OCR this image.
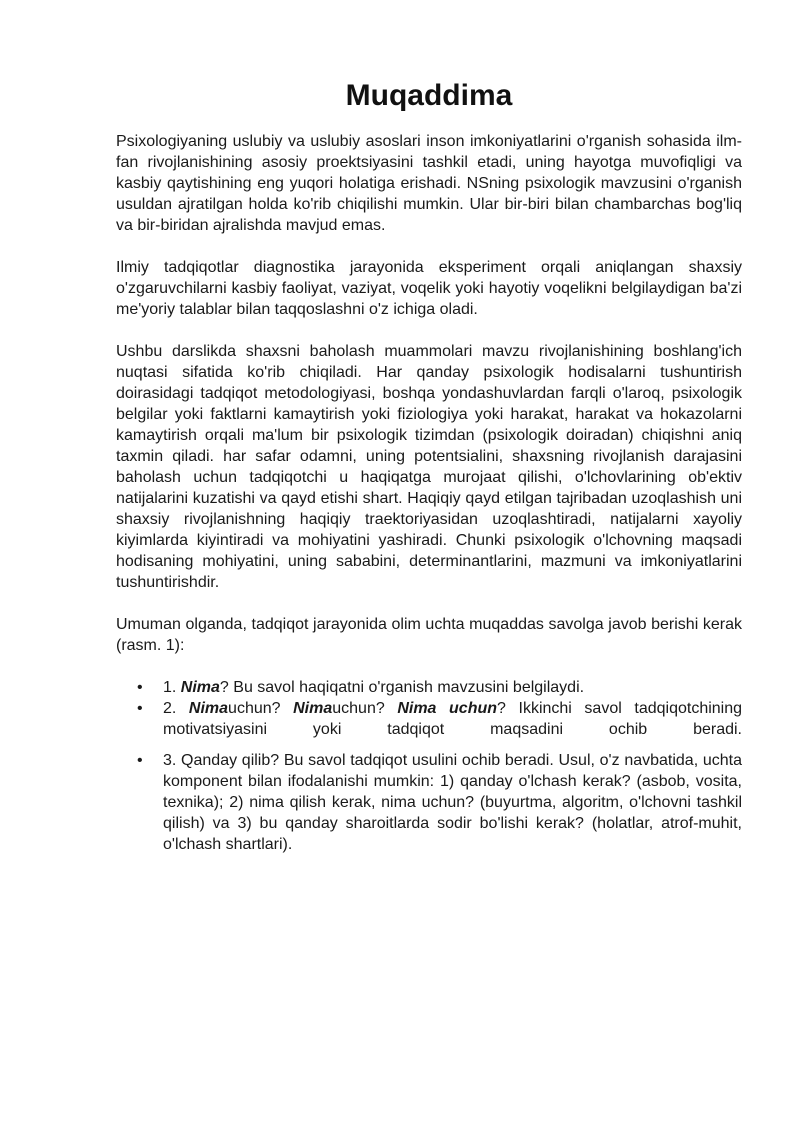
Muqaddima

Psixologiyaning uslubiy va uslubiy asoslari inson imkoniyatlarini o'rganish sohasida ilm-fan rivojlanishining asosiy proektsiyasini tashkil etadi, uning hayotga muvofiqligi va kasbiy qaytishining eng yuqori holatiga erishadi. NSning psixologik mavzusini o'rganish usuldan ajratilgan holda ko'rib chiqilishi mumkin. Ular bir-biri bilan chambarchas bog'liq va bir-biridan ajralishda mavjud emas.

Ilmiy tadqiqotlar diagnostika jarayonida eksperiment orqali aniqlangan shaxsiy o'zgaruvchilarni kasbiy faoliyat, vaziyat, voqelik yoki hayotiy voqelikni belgilaydigan ba'zi me'yoriy talablar bilan taqqoslashni o'z ichiga oladi.

Ushbu darslikda shaxsni baholash muammolari mavzu rivojlanishining boshlang'ich nuqtasi sifatida ko'rib chiqiladi. Har qanday psixologik hodisalarni tushuntirish doirasidagi tadqiqot metodologiyasi, boshqa yondashuvlardan farqli o'laroq, psixologik belgilar yoki faktlarni kamaytirish yoki fiziologiya yoki harakat, harakat va hokazolarni kamaytirish orqali ma'lum bir psixologik tizimdan (psixologik doiradan) chiqishni aniq taxmin qiladi. har safar odamni, uning potentsialini, shaxsning rivojlanish darajasini baholash uchun tadqiqotchi u haqiqatga murojaat qilishi, o'lchovlarining ob'ektiv natijalarini kuzatishi va qayd etishi shart. Haqiqiy qayd etilgan tajribadan uzoqlashish uni shaxsiy rivojlanishning haqiqiy traektoriyasidan uzoqlashtiradi, natijalarni xayoliy kiyimlarda kiyintiradi va mohiyatini yashiradi. Chunki psixologik o'lchovning maqsadi hodisaning mohiyatini, uning sababini, determinantlarini, mazmuni va imkoniyatlarini tushuntirishdir.

Umuman olganda, tadqiqot jarayonida olim uchta muqaddas savolga javob berishi kerak (rasm. 1):

• 1. Nima? Bu savol haqiqatni o'rganish mavzusini belgilaydi.
• 2. Nimauchun? Nimauchun? Nima uchun? Ikkinchi savol tadqiqotchining motivatsiyasini yoki tadqiqot maqsadini ochib beradi.
• 3. Qanday qilib? Bu savol tadqiqot usulini ochib beradi. Usul, o'z navbatida, uchta komponent bilan ifodalanishi mumkin: 1) qanday o'lchash kerak? (asbob, vosita, texnika); 2) nima qilish kerak, nima uchun? (buyurtma, algoritm, o'lchovni tashkil qilish) va 3) bu qanday sharoitlarda sodir bo'lishi kerak? (holatlar, atrof-muhit, o'lchash shartlari).
